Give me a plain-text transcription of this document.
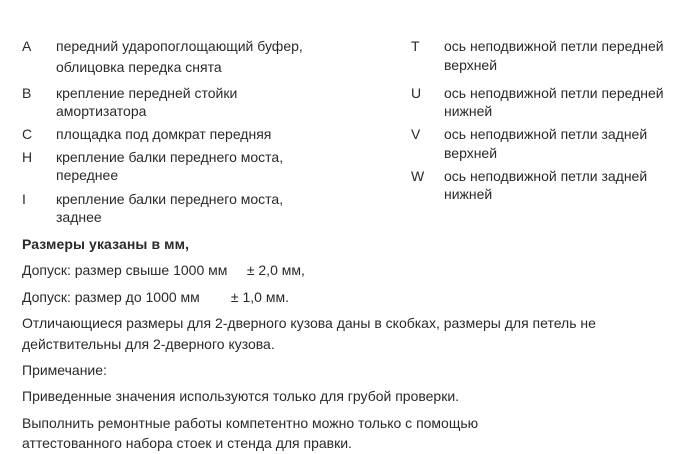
A передний удароп​оглощающий буфер,
облицовка передка снята
B крепление передней стойки
амортизатора
C площадка под домкрат передняя
H крепление балки переднего моста,
переднее
I крепление балки переднего моста,
заднее
T ось неподвижной петли передней
верхней
U ось неподвижной петли передней
нижней
V ось неподвижной петли задней
верхней
W ось неподвижной петли задней
нижней
Размеры указаны в мм,
Допуск: размер свыше 1000 мм     ± 2,0 мм,
Допуск: размер до 1000 мм        ± 1,0 мм.
Отличающиеся размеры для 2-дверного кузова даны в скобках, размеры для петель не
действительны для 2-дверного кузова.
Примечание:
Приведенные значения используются только для грубой проверки.
Выполнить ремонтные работы компетентно можно только с помощью
аттестованного набора стоек и стенда для правки.
